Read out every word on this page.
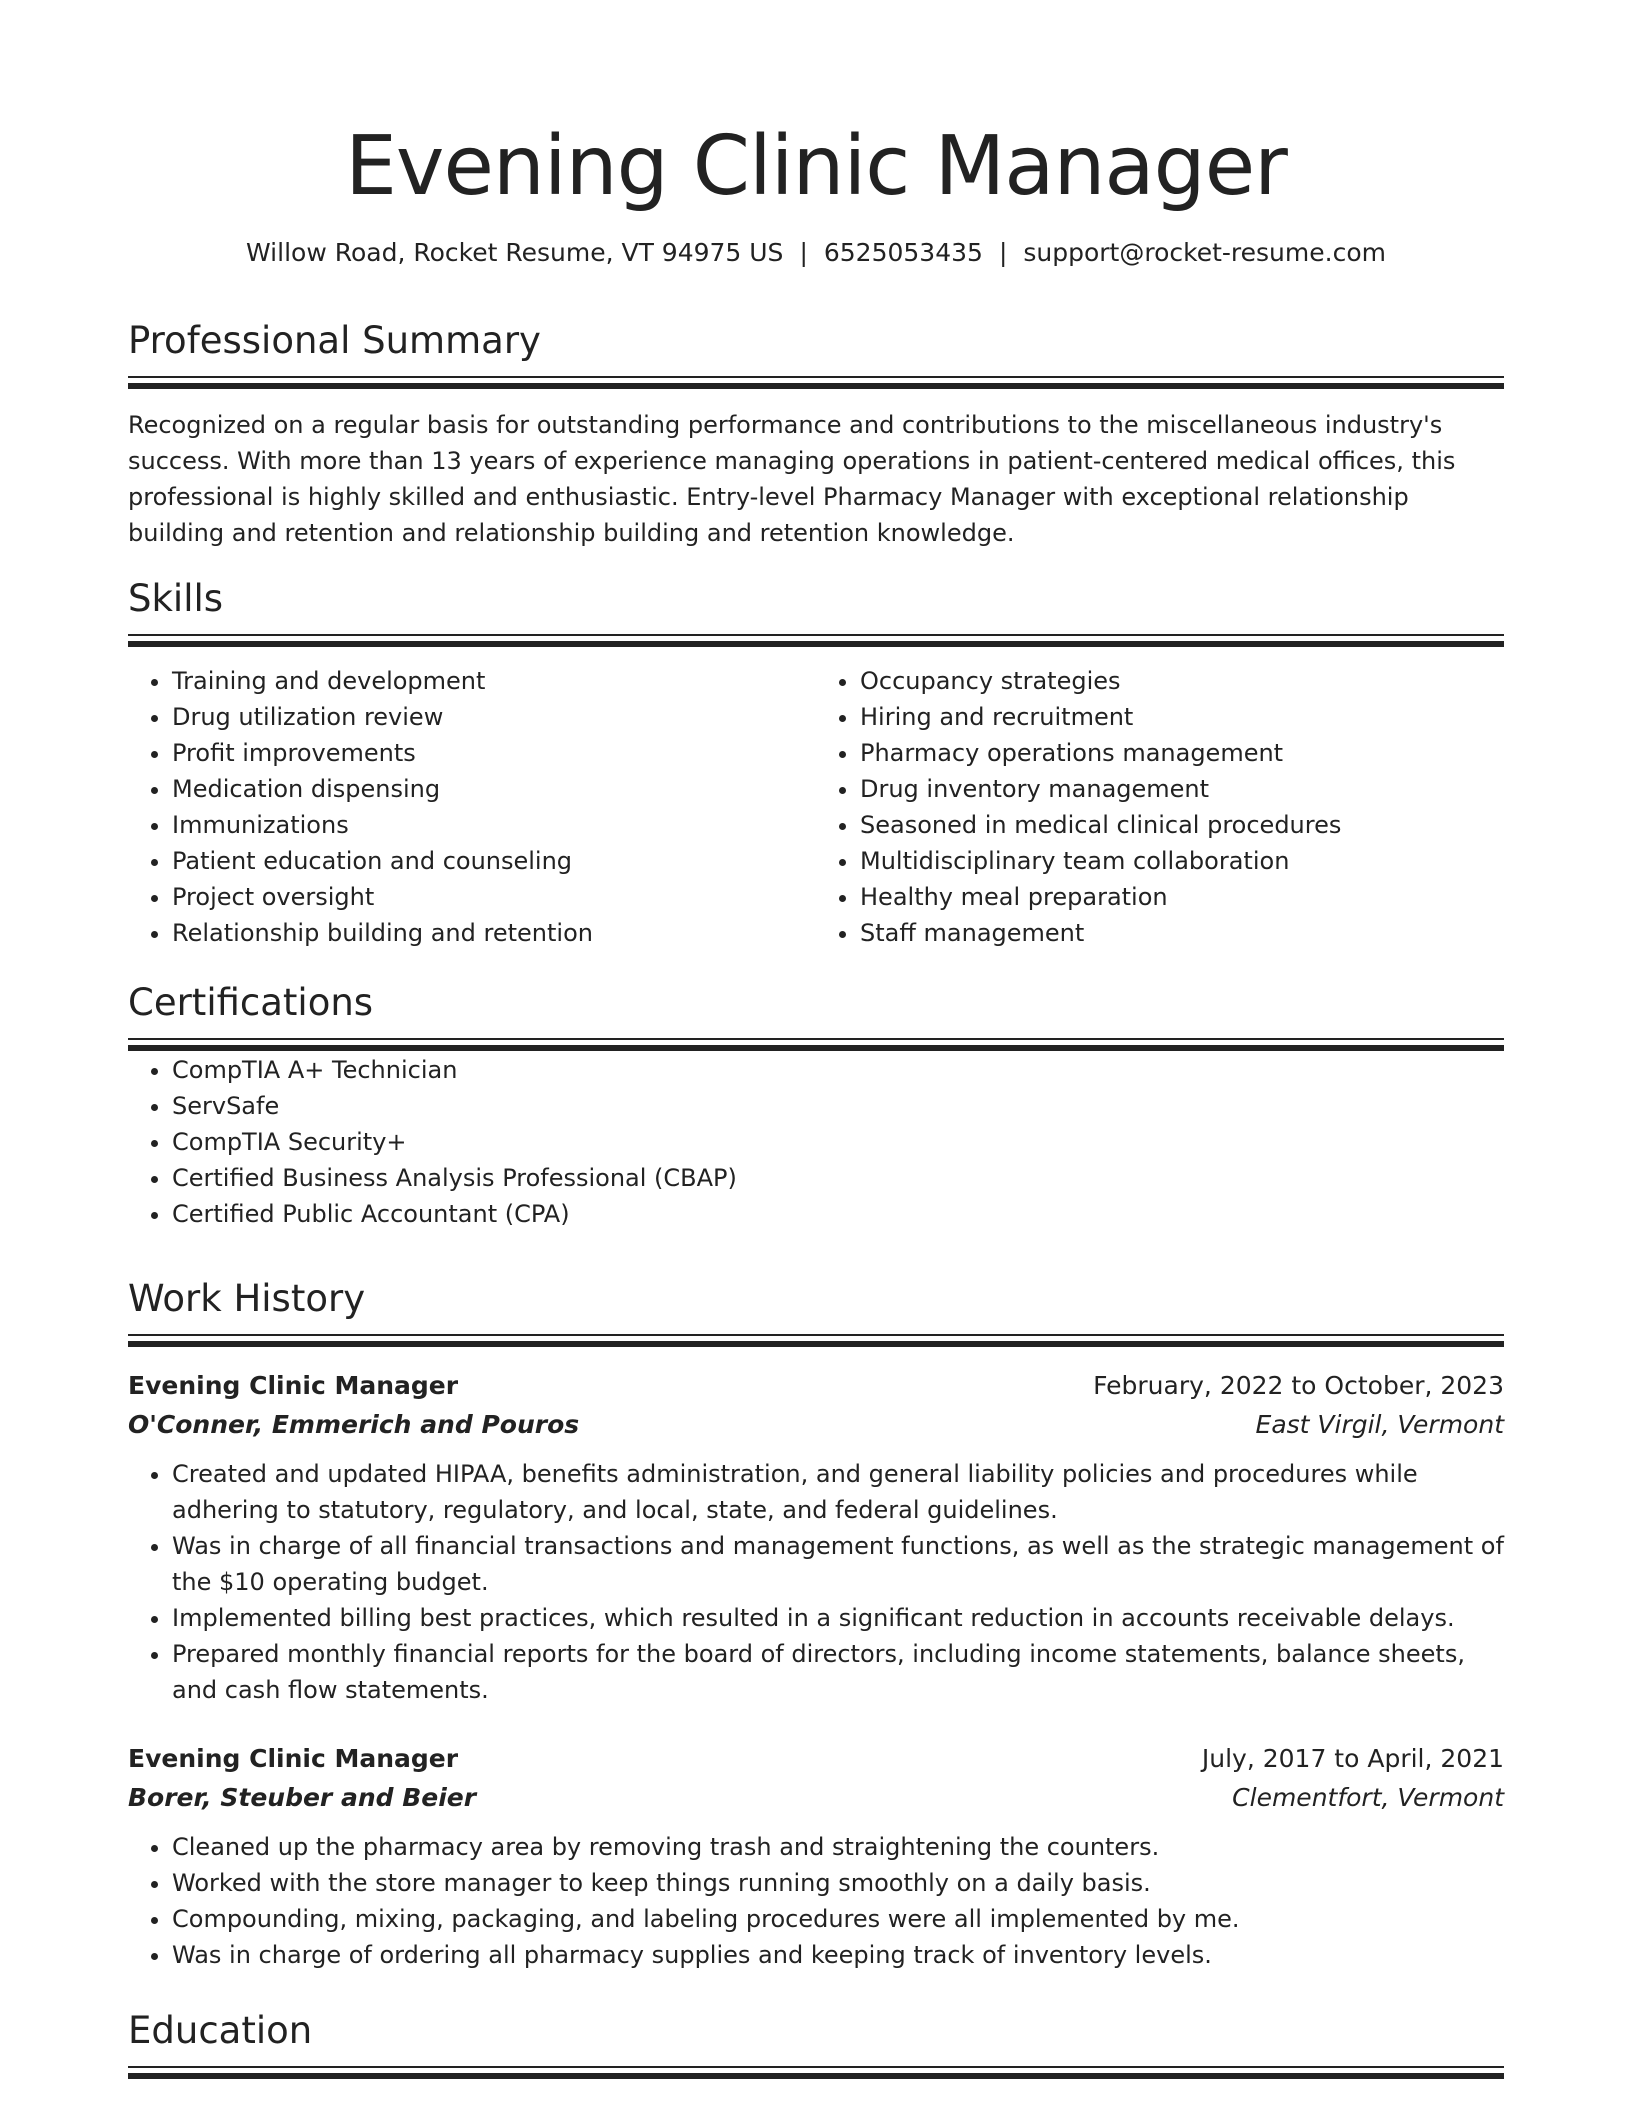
Evening Clinic Manager
Willow Road, Rocket Resume, VT 94975 US | 6525053435 | support@rocket-resume.com
Professional Summary
Recognized on a regular basis for outstanding performance and contributions to the miscellaneous industry's success. With more than 13 years of experience managing operations in patient-centered medical offices, this professional is highly skilled and enthusiastic. Entry-level Pharmacy Manager with exceptional relationship building and retention and relationship building and retention knowledge.
Skills
• Training and development
• Drug utilization review
• Profit improvements
• Medication dispensing
• Immunizations
• Patient education and counseling
• Project oversight
• Relationship building and retention
• Occupancy strategies
• Hiring and recruitment
• Pharmacy operations management
• Drug inventory management
• Seasoned in medical clinical procedures
• Multidisciplinary team collaboration
• Healthy meal preparation
• Staff management
Certifications
• CompTIA A+ Technician
• ServSafe
• CompTIA Security+
• Certified Business Analysis Professional (CBAP)
• Certified Public Accountant (CPA)
Work History
Evening Clinic Manager	February, 2022 to October, 2023
O'Conner, Emmerich and Pouros	East Virgil, Vermont
• Created and updated HIPAA, benefits administration, and general liability policies and procedures while adhering to statutory, regulatory, and local, state, and federal guidelines.
• Was in charge of all financial transactions and management functions, as well as the strategic management of the $10 operating budget.
• Implemented billing best practices, which resulted in a significant reduction in accounts receivable delays.
• Prepared monthly financial reports for the board of directors, including income statements, balance sheets, and cash flow statements.
Evening Clinic Manager	July, 2017 to April, 2021
Borer, Steuber and Beier	Clementfort, Vermont
• Cleaned up the pharmacy area by removing trash and straightening the counters.
• Worked with the store manager to keep things running smoothly on a daily basis.
• Compounding, mixing, packaging, and labeling procedures were all implemented by me.
• Was in charge of ordering all pharmacy supplies and keeping track of inventory levels.
Education
